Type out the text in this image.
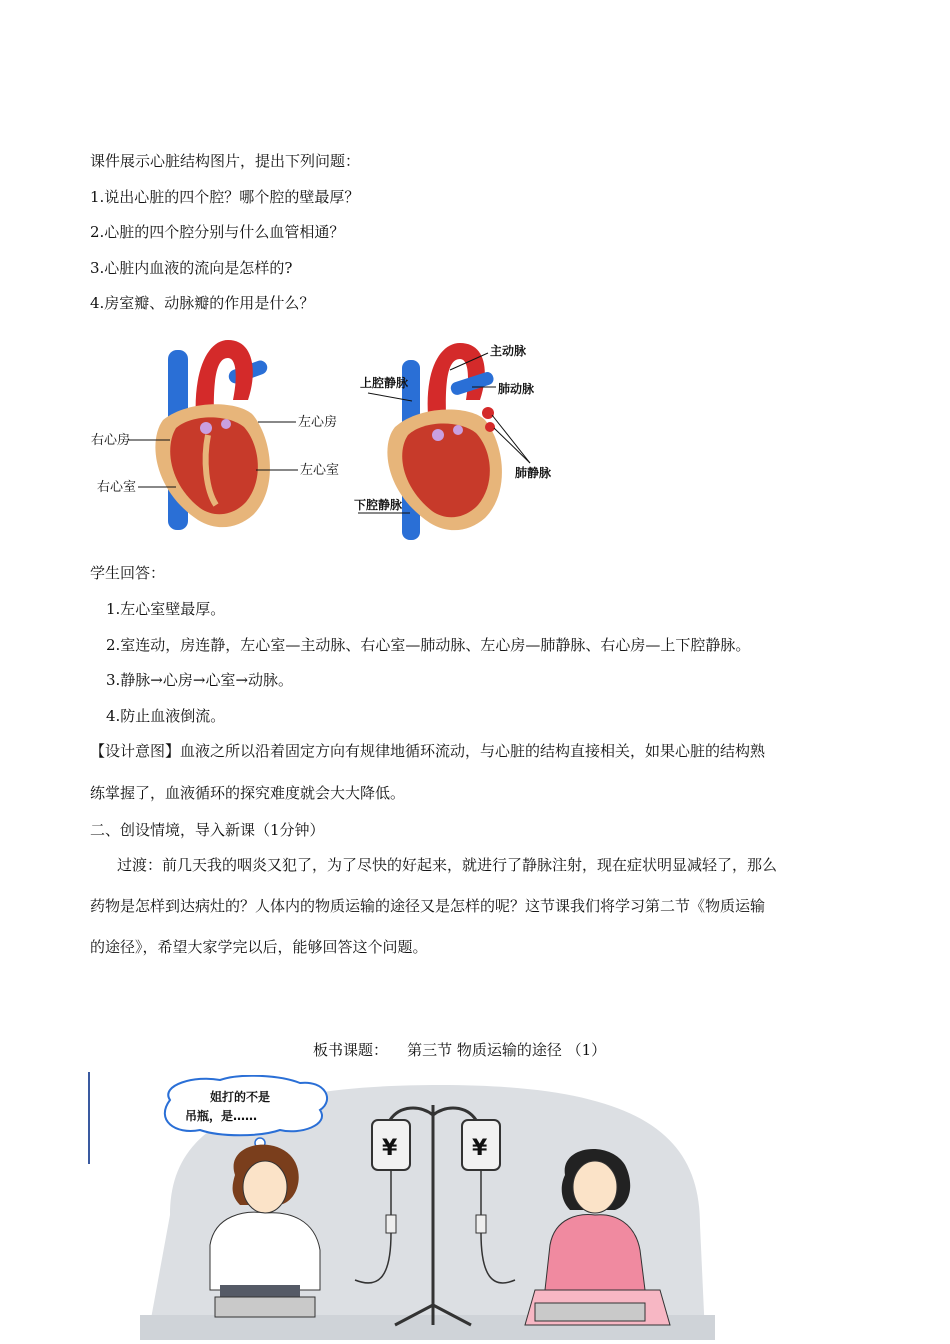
课件展示心脏结构图片，提出下列问题：
1.说出心脏的四个腔？哪个腔的壁最厚？
2.心脏的四个腔分别与什么血管相通？
3.心脏内血液的流向是怎样的?
4.房室瓣、动脉瓣的作用是什么？
右心房
右心室
左心房
左心室
主动脉
上腔静脉	肺动脉
肺静脉
下腔静脉
学生回答：
1.左心室壁最厚。
2.室连动，房连静，左心室—主动脉、右心室—肺动脉、左心房—肺静脉、右心房—上下腔静脉。
3.静脉→心房→心室→动脉。
4.防止血液倒流。
【设计意图】血液之所以沿着固定方向有规律地循环流动，与心脏的结构直接相关，如果心脏的结构熟
练掌握了，血液循环的探究难度就会大大降低。
二、创设情境，导入新课（1分钟）
过渡：前几天我的咽炎又犯了，为了尽快的好起来，就进行了静脉注射，现在症状明显减轻了，那么
药物是怎样到达病灶的？人体内的物质运输的途径又是怎样的呢？这节课我们将学习第二节《物质运输
的途径》，希望大家学完以后，能够回答这个问题。
板书课题： 第三节 物质运输的途径 （1）
姐打的不是
吊瓶，是……
¥	¥
